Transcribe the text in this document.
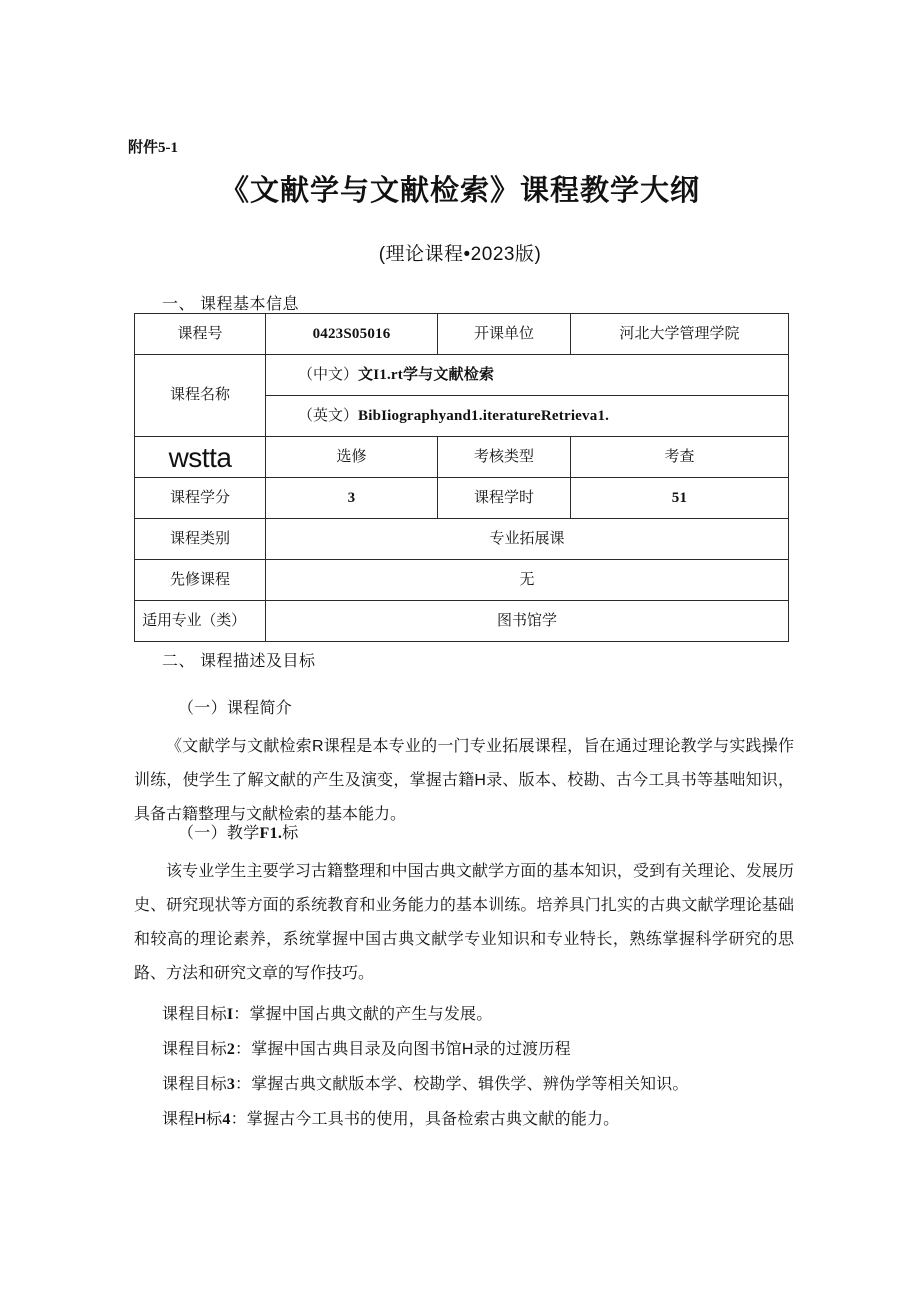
附件5-1
《文献学与文献检索》课程教学大纲
(理论课程•2023版)
一、 课程基本信息
课程号	0423S05016	开课单位	河北大学管理学院
课程名称	（中文）文I1.rt学与文献检索		
	（英文）BibIiographyand1.iteratureRetrieva1.		
wstta	选修	考核类型	考查
课程学分	3	课程学时	51
课程类别	专业拓展课		
先修课程	无		
适用专业（类）	图书馆学		
二、 课程描述及目标
（一）课程简介
《文献学与文献检索R课程是本专业的一门专业拓展课程，旨在通过理论教学与实践操作训练，使学生了解文献的产生及演变，掌握古籍H录、版本、校勘、古今工具书等基咄知识，具备古籍整理与文献检索的基本能力。
（一）教学F1.标
该专业学生主要学习古籍整理和中国古典文献学方面的基本知识，受到有关理论、发展历史、研究现状等方面的系统教育和业务能力的基本训练。培养具门扎实的古典文献学理论基础和较高的理论素养，系统掌握中国古典文献学专业知识和专业特长，熟练掌握科学研究的思路、方法和研究文章的写作技巧。
课程目标I：掌握中国占典文献的产生与发展。
课程目标2：掌握中国古典目录及向图书馆H录的过渡历程
课程目标3：掌握古典文献版本学、校勘学、辑佚学、辨伪学等相关知识。
课程H标4：掌握古今工具书的使用，具备检索古典文献的能力。
